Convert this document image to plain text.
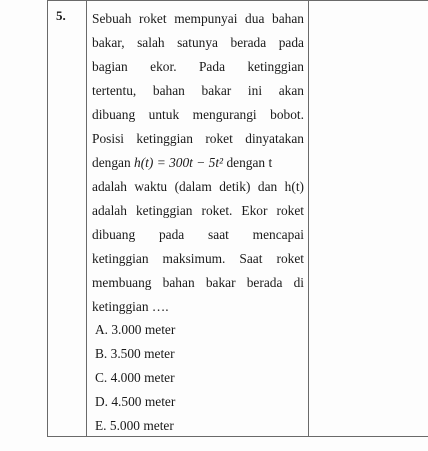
5. Sebuah roket mempunyai dua bahan
bakar, salah satunya berada pada
bagian ekor. Pada ketinggian
tertentu, bahan bakar ini akan
dibuang untuk mengurangi bobot.
Posisi ketinggian roket dinyatakan
dengan h(t) = 300t − 5t² dengan t
adalah waktu (dalam detik) dan h(t)
adalah ketinggian roket. Ekor roket
dibuang pada saat mencapai
ketinggian maksimum. Saat roket
membuang bahan bakar berada di
ketinggian ….
A. 3.000 meter
B. 3.500 meter
C. 4.000 meter
D. 4.500 meter
E. 5.000 meter
